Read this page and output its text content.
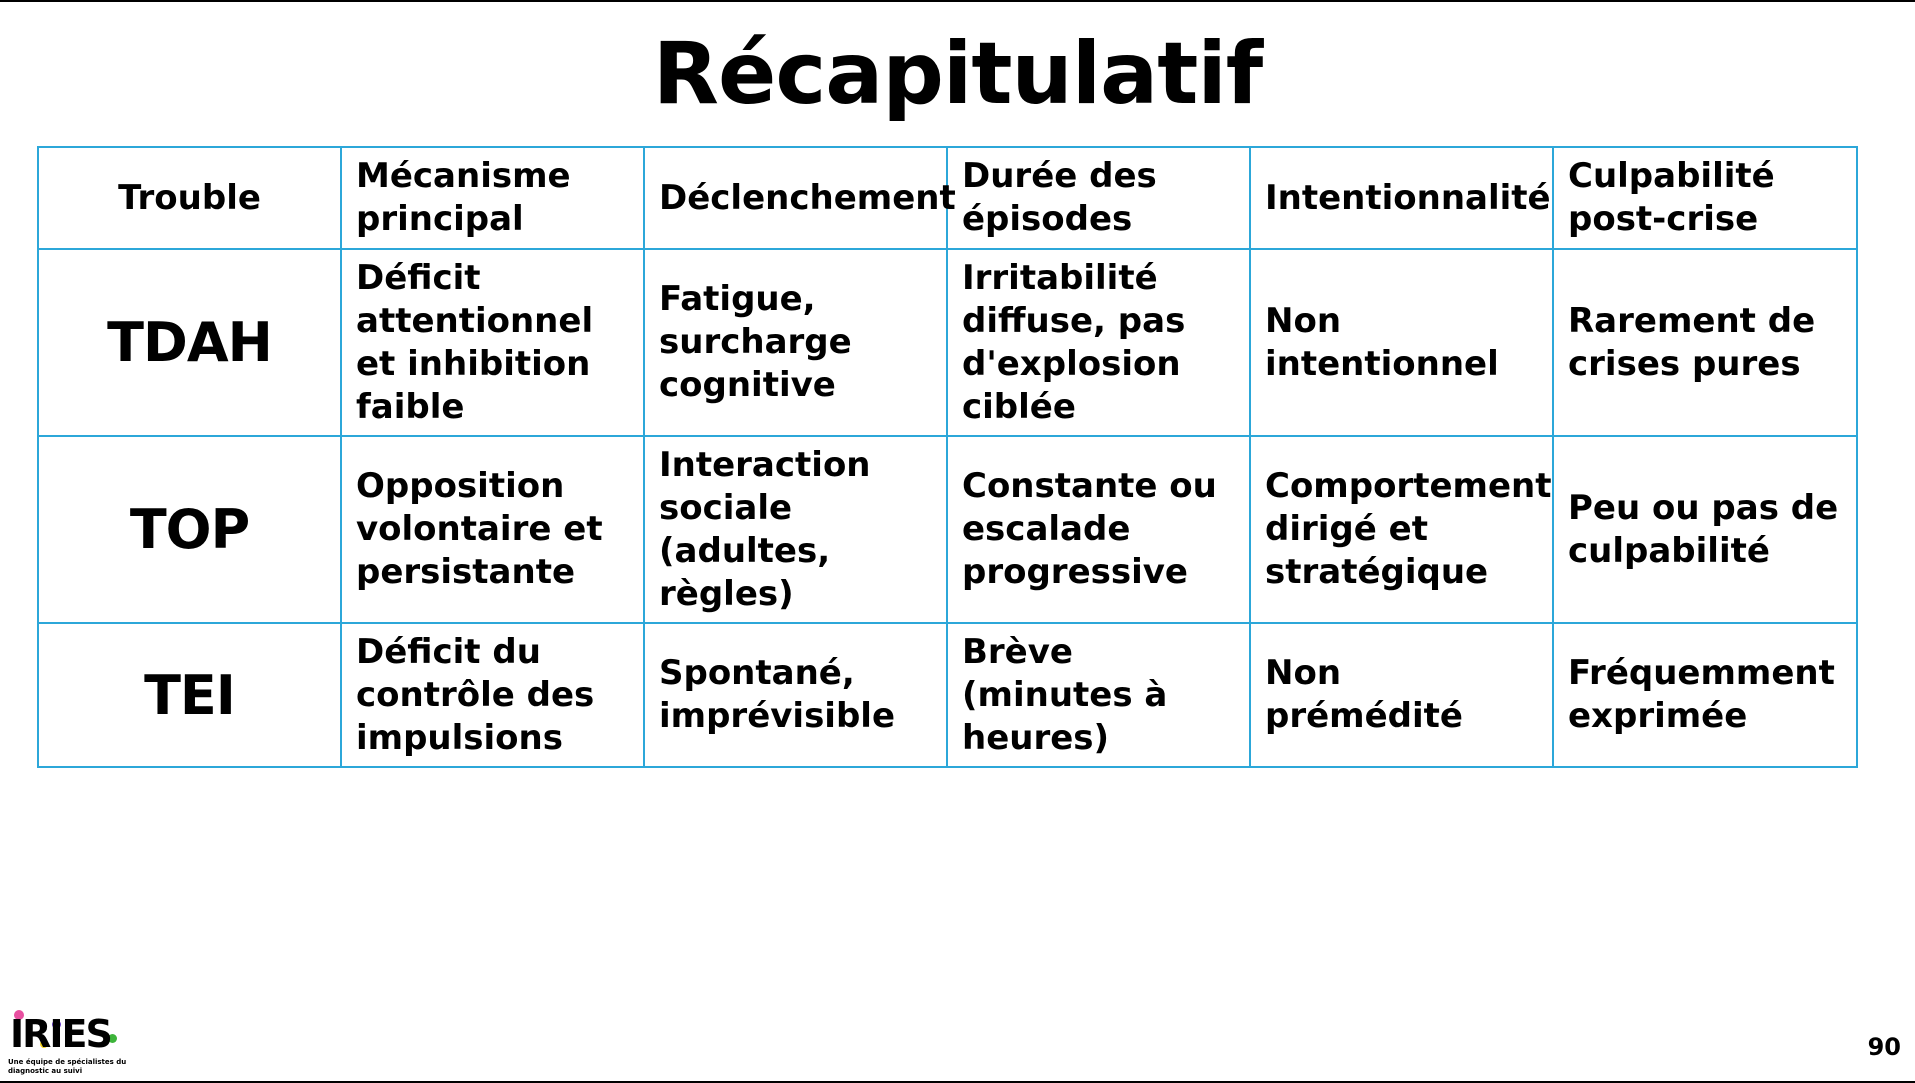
Récapitulatif
Trouble	Mécanisme principal	Déclenchement	Durée des épisodes	Intentionnalité	Culpabilité post-crise
TDAH	Déficit attentionnel et inhibition faible	Fatigue, surcharge cognitive	Irritabilité diffuse, pas d'explosion ciblée	Non intentionnel	Rarement de crises pures
TOP	Opposition volontaire et persistante	Interaction sociale (adultes, règles)	Constante ou escalade progressive	Comportement dirigé et stratégique	Peu ou pas de culpabilité
TEI	Déficit du contrôle des impulsions	Spontané, imprévisible	Brève (minutes à heures)	Non prémédité	Fréquemment exprimée
IRIES
Une équipe de spécialistes du diagnostic au suivi
90
